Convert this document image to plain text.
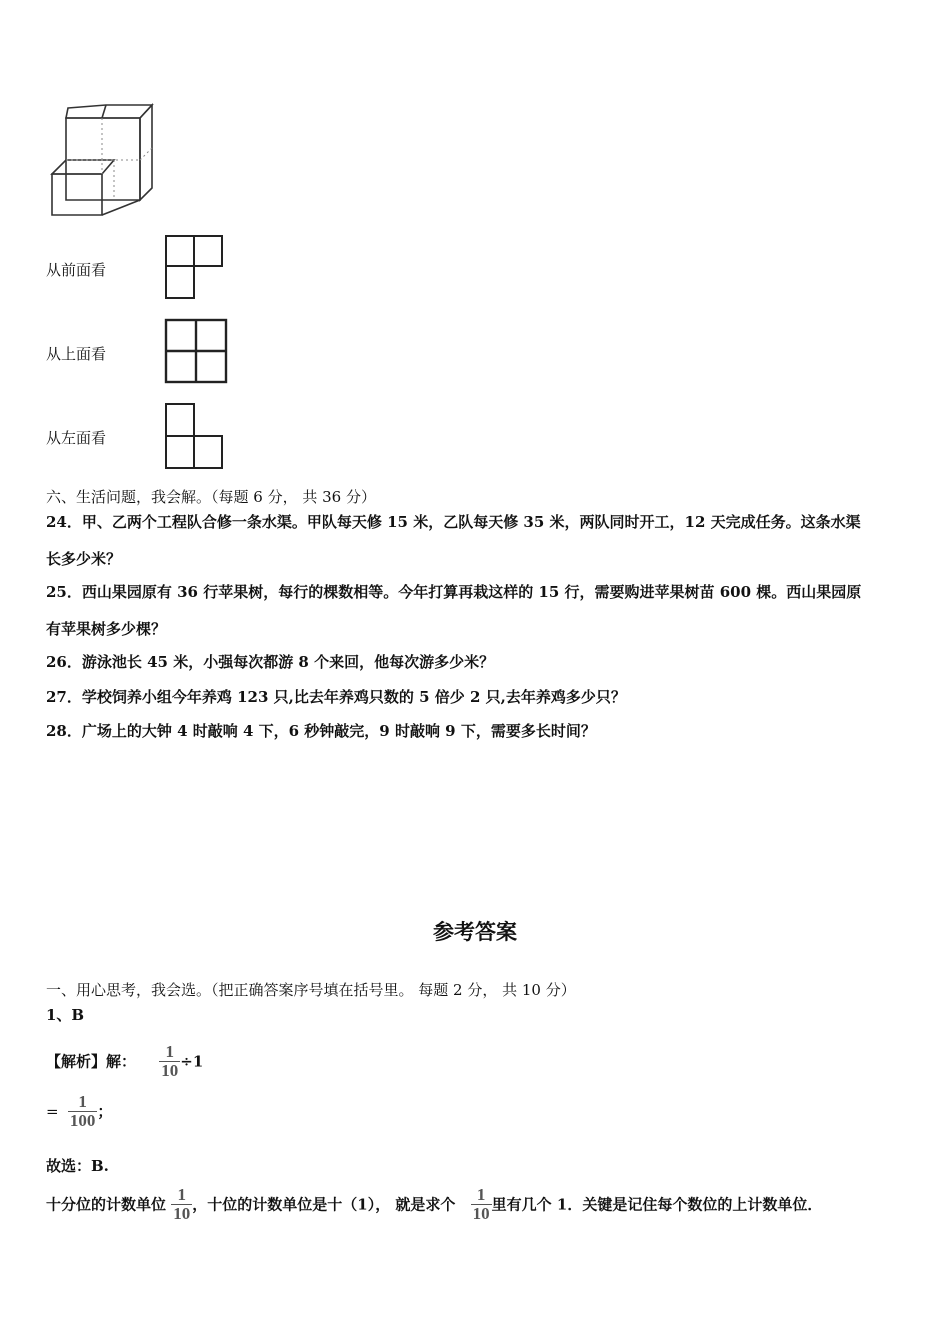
从前面看
从上面看
从左面看
六、生活问题，我会解。（每题 6 分， 共 36 分）
24．甲、乙两个工程队合修一条水渠。甲队每天修 15 米，乙队每天修 35 米，两队同时开工，12 天完成任务。这条水渠
长多少米？
25．西山果园原有 36 行苹果树，每行的棵数相等。今年打算再栽这样的 15 行，需要购进苹果树苗 600 棵。西山果园原
有苹果树多少棵？
26．游泳池长 45 米，小强每次都游 8 个来回，他每次游多少米？
27．学校饲养小组今年养鸡 123 只,比去年养鸡只数的 5 倍少 2 只,去年养鸡多少只？
28．广场上的大钟 4 时敲响 4 下，6 秒钟敲完，9 时敲响 9 下，需要多长时间？
参考答案
一、用心思考，我会选。（把正确答案序号填在括号里。 每题 2 分， 共 10 分）
1、B
【解析】解： $\frac{1}{10} \div 1$
= $\frac{1}{100}$ ；
故选：B.
十分位的计数单位 $\frac{1}{10}$ ，十位的计数单位是十（1）， 就是求个 $\frac{1}{10}$ 里有几个 1．关键是记住每个数位的上计数单位．
